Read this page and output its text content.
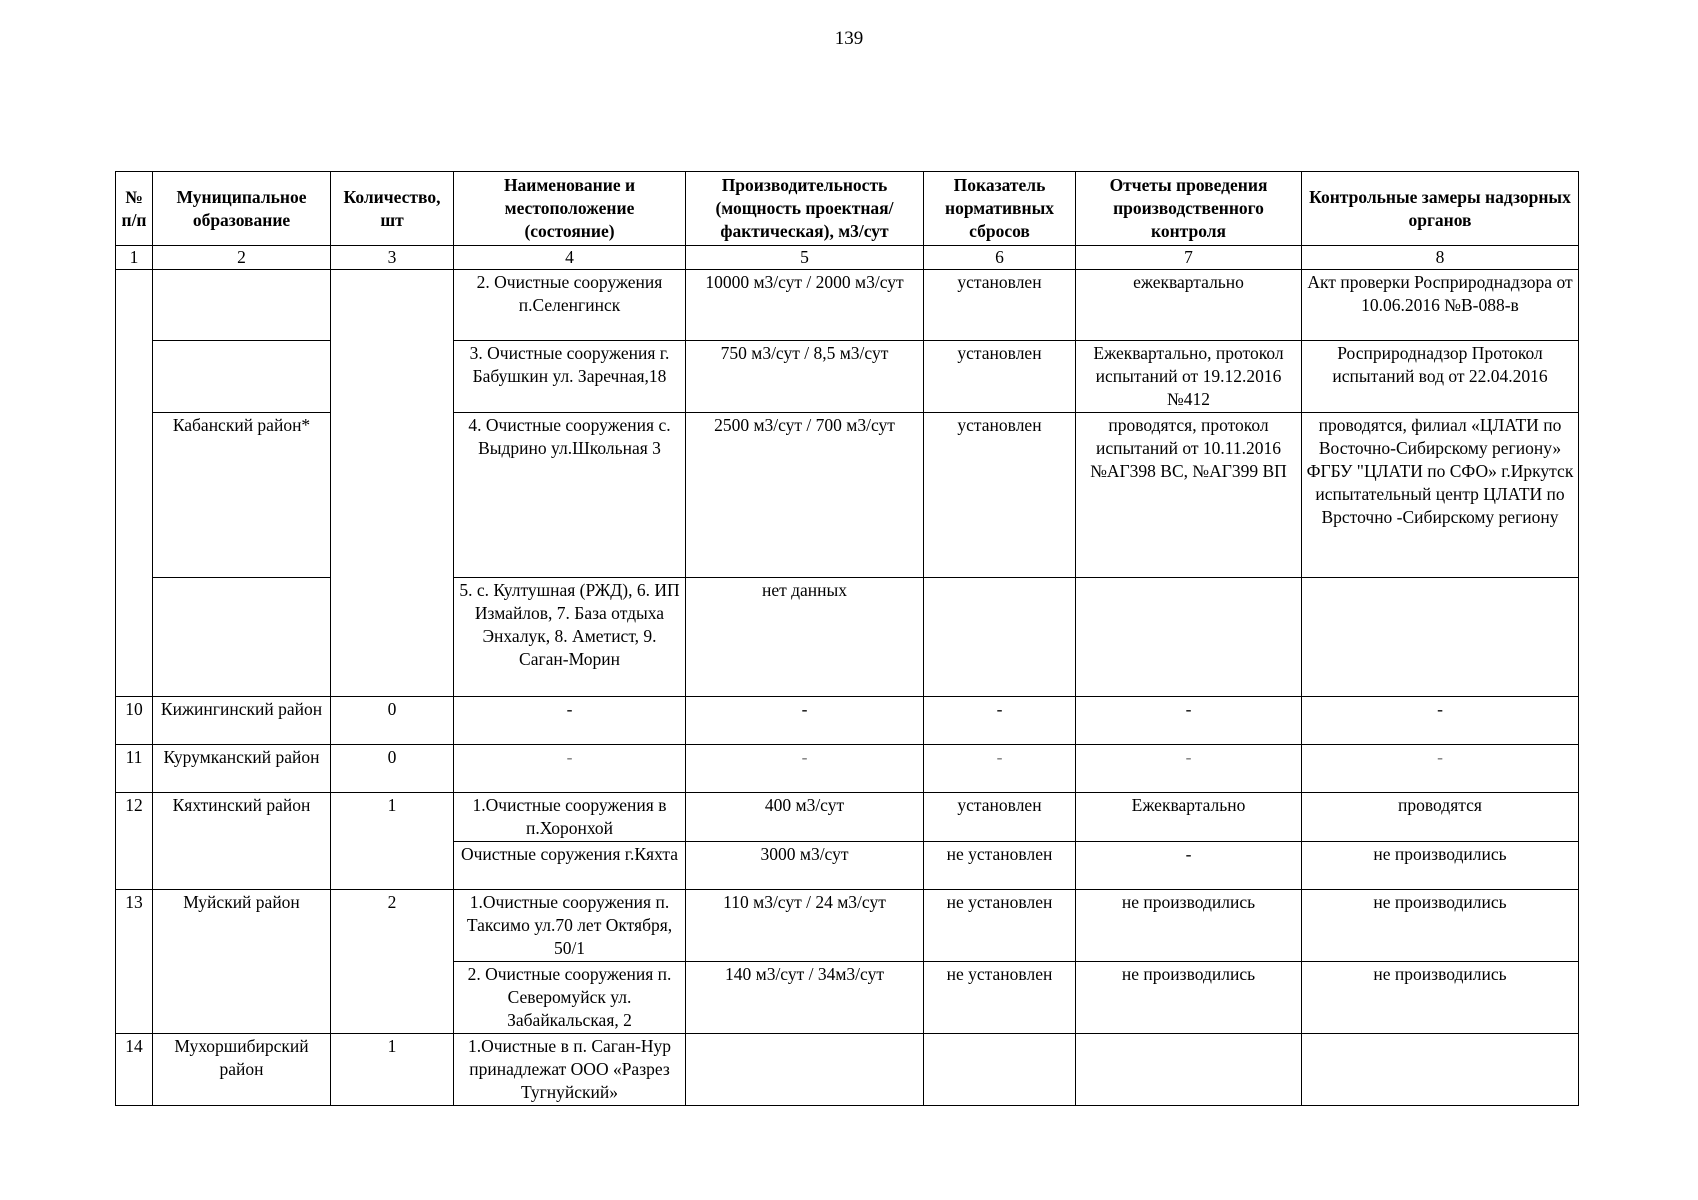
139
№ п/п	Муниципальное образование	Количество, шт	Наименование и местоположение (состояние)	Производительность (мощность проектная/ фактическая), м3/сут	Показатель нормативных сбросов	Отчеты проведения производственного контроля	Контрольные замеры надзорных органов
1	2	3	4	5	6	7	8
			2. Очистные сооружения п.Селенгинск	10000 м3/сут / 2000 м3/сут	установлен	ежеквартально	Акт проверки Росприроднадзора от 10.06.2016 №В-088-в
			3. Очистные сооружения г. Бабушкин ул. Заречная,18	750 м3/сут / 8,5 м3/сут	установлен	Ежеквартально, протокол испытаний от 19.12.2016 №412	Росприроднадзор Протокол испытаний вод от 22.04.2016
	Кабанский район*		4. Очистные сооружения с. Выдрино ул.Школьная 3	2500 м3/сут / 700 м3/сут	установлен	проводятся, протокол испытаний от 10.11.2016 №АГ398 ВС, №АГ399 ВП	проводятся, филиал «ЦЛАТИ по Восточно-Сибирскому региону» ФГБУ "ЦЛАТИ по СФО» г.Иркутск испытательный центр ЦЛАТИ по Врсточно -Сибирскому региону
			5. с. Култушная (РЖД), 6. ИП Измайлов, 7. База отдыха Энхалук, 8. Аметист, 9. Саган-Морин	нет данных			
10	Кижингинский район	0	-	-	-	-	-
11	Курумканский район	0	-	-	-	-	-
12	Кяхтинский район	1	1.Очистные сооружения в п.Хоронхой	400 м3/сут	установлен	Ежеквартально	проводятся
			Очистные соружения г.Кяхта	3000 м3/сут	не установлен	-	не производились
13	Муйский район	2	1.Очистные сооружения п. Таксимо ул.70 лет Октября, 50/1	110 м3/сут / 24 м3/сут	не установлен	не производились	не производились
			2. Очистные сооружения п. Северомуйск ул. Забайкальская, 2	140 м3/сут / 34м3/сут	не установлен	не производились	не производились
14	Мухоршибирский район	1	1.Очистные в п. Саган-Нур принадлежат ООО «Разрез Тугнуйский»				
